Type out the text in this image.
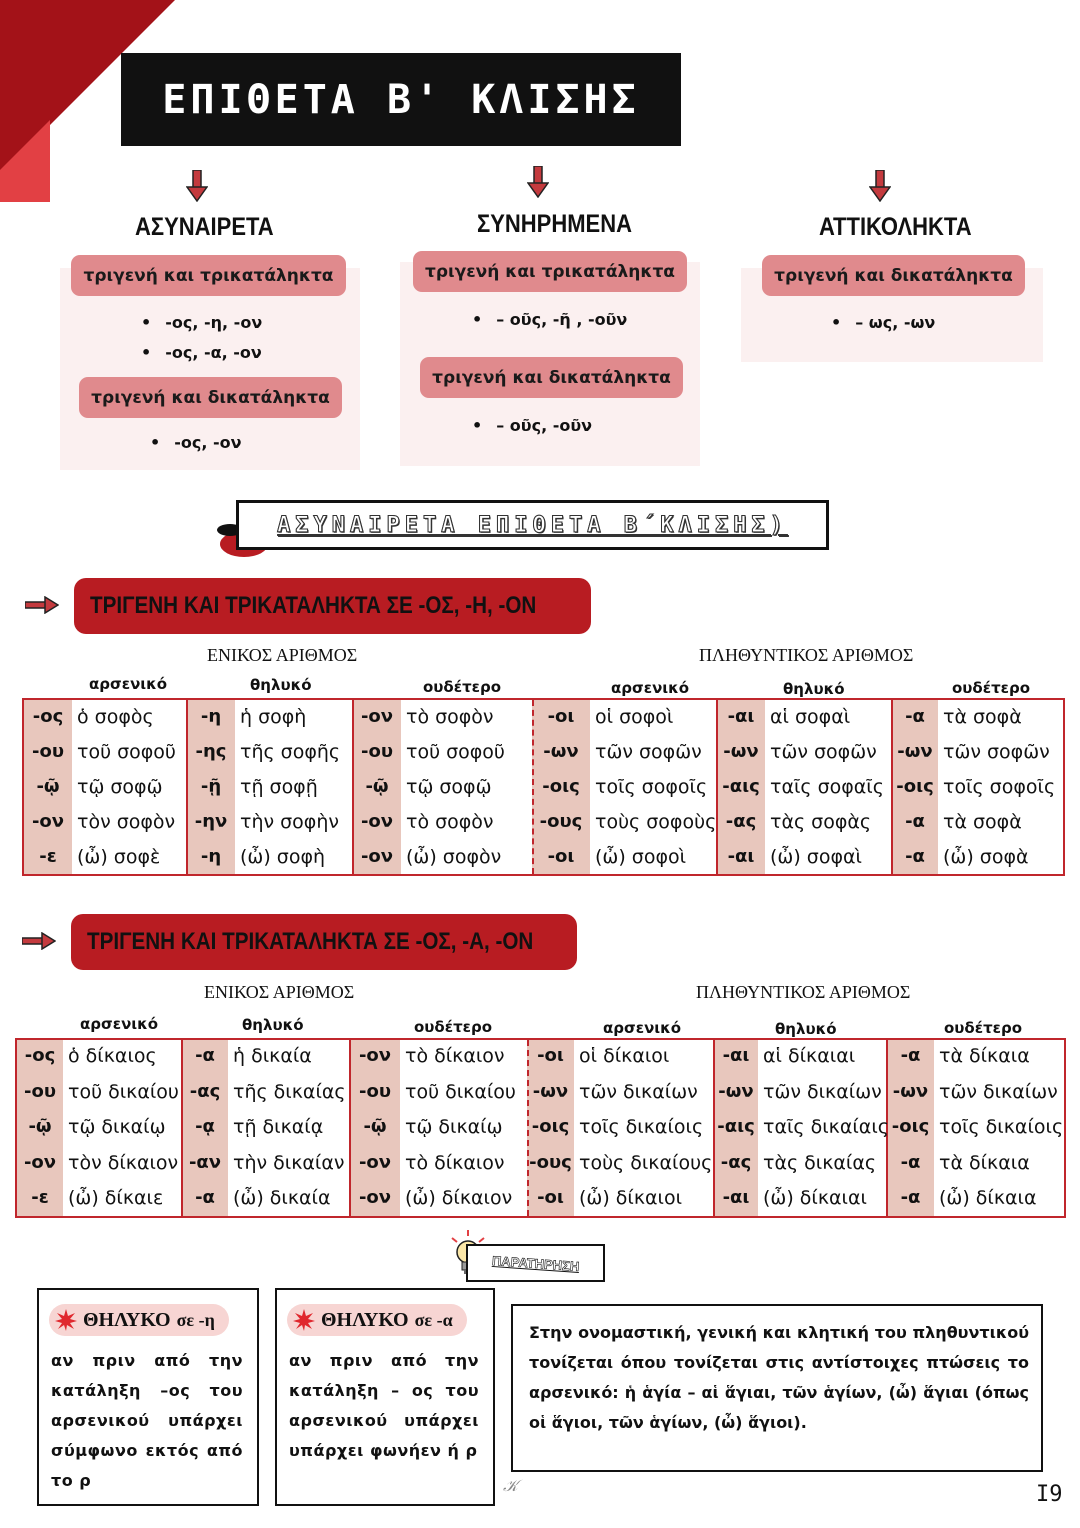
ΕΠΙΘΕΤΑ Β' ΚΛΙΣΗΣ
ΑΣΥΝΑΙΡΕΤΑ	ΣΥΝΗΡΗΜΕΝΑ	ΑΤΤΙΚΟΛΗΚΤΑ
τριγενή και τρικατάληκτα
• -ος, -η, -ον
• -ος, -α, -ον
τριγενή και δικατάληκτα
• -ος, -ον
τριγενή και τρικατάληκτα
• – οῦς, -ῆ , -οῦν
τριγενή και δικατάληκτα
• – οῦς, -οῦν
τριγενή και δικατάληκτα
• – ως, -ων
ΑΣΥΝΑΙΡΕΤΑ ΕΠΙΘΕΤΑ Β΄ΚΛΙΣΗΣ)
ΤΡΙΓΕΝΗ ΚΑΙ ΤΡΙΚΑΤΑΛΗΚΤΑ ΣΕ -ΟΣ, -Η, -ΟΝ
ΕΝΙΚΟΣ ΑΡΙΘΜΟΣ	ΠΛΗΘΥΝΤΙΚΟΣ ΑΡΙΘΜΟΣ
αρσενικό	θηλυκό	ουδέτερο	αρσενικό	θηλυκό	ουδέτερο
-ος ὁ σοφὸς	-η ἡ σοφὴ	-ον τὸ σοφὸν	-οι	οἱ σοφοὶ	-αι αἱ σοφαὶ	-α τὰ σοφὰ
-ου τοῦ σοφοῦ	-ης τῆς σοφῆς	-ου τοῦ σοφοῦ	-ων τῶν σοφῶν	-ων τῶν σοφῶν	-ων τῶν σοφῶν
-ῷ τῷ σοφῷ	-ῇ τῇ σοφῇ	-ῷ τῷ σοφῷ	-οις τοῖς σοφοῖς -αις ταῖς σοφαῖς -οις τοῖς σοφοῖς
-ον τὸν σοφὸν	-ην τὴν σοφὴν	-ον τὸ σοφὸν	-ους τοὺς σοφοὺς -ας τὰς σοφὰς	-α τὰ σοφὰ
-ε	(ὦ) σοφὲ	-η (ὦ) σοφὴ	-ον (ὦ) σοφὸν	-οι	(ὦ) σοφοὶ	-αι (ὦ) σοφαὶ	-α (ὦ) σοφὰ
ΤΡΙΓΕΝΗ ΚΑΙ ΤΡΙΚΑΤΑΛΗΚΤΑ ΣΕ -ΟΣ, -Α, -ΟΝ
ΕΝΙΚΟΣ ΑΡΙΘΜΟΣ	ΠΛΗΘΥΝΤΙΚΟΣ ΑΡΙΘΜΟΣ
αρσενικό	θηλυκό	ουδέτερο	αρσενικό	θηλυκό	ουδέτερο
-ος ὁ δίκαιος	-α ἡ δικαία	-ον τὸ δίκαιον	-οι οἱ δίκαιοι	-αι αἱ δίκαιαι	-α τὰ δίκαια
-ου τοῦ δικαίου -ας τῆς δικαίας -ου τοῦ δικαίου -ων τῶν δικαίων	-ων τῶν δικαίων -ων τῶν δικαίων
-ῷ τῷ δικαίῳ	-ᾳ τῇ δικαίᾳ	-ῷ τῷ δικαίῳ	-οις τοῖς δικαίοις -αις ταῖς δικαίαις -οις τοῖς δικαίοις
-ον τὸν δίκαιον -αν τὴν δικαίαν -ον τὸ δίκαιον	-ους τοὺς δικαίους -ας τὰς δικαίας	-α τὰ δίκαια
-ε	(ὦ) δίκαιε	-α (ὦ) δικαία	-ον (ὦ) δίκαιον	-οι (ὦ) δίκαιοι	-αι (ὦ) δίκαιαι	-α (ὦ) δίκαια
ΠΑΡΑΤΗΡΗΣΗ
ΘΗΛΥΚΟ σε -η
αν πριν από την κατάληξη –ος του αρσενικού υπάρχει σύμφωνο εκτός από το ρ
ΘΗΛΥΚΟ σε -α
αν πριν από την κατάληξη – ος του αρσενικού υπάρχει υπάρχει φωνήεν ή ρ
Στην ονομαστική, γενική και κλητική του πληθυντικού τονίζεται όπου τονίζεται στις αντίστοιχες πτώσεις το αρσενικό: ἡ ἁγία – αἱ ἅγιαι, τῶν ἁγίων, (ὦ) ἅγιαι (όπως οἱ ἅγιοι, τῶν ἁγίων, (ὦ) ἅγιοι).
𝒦	I9
